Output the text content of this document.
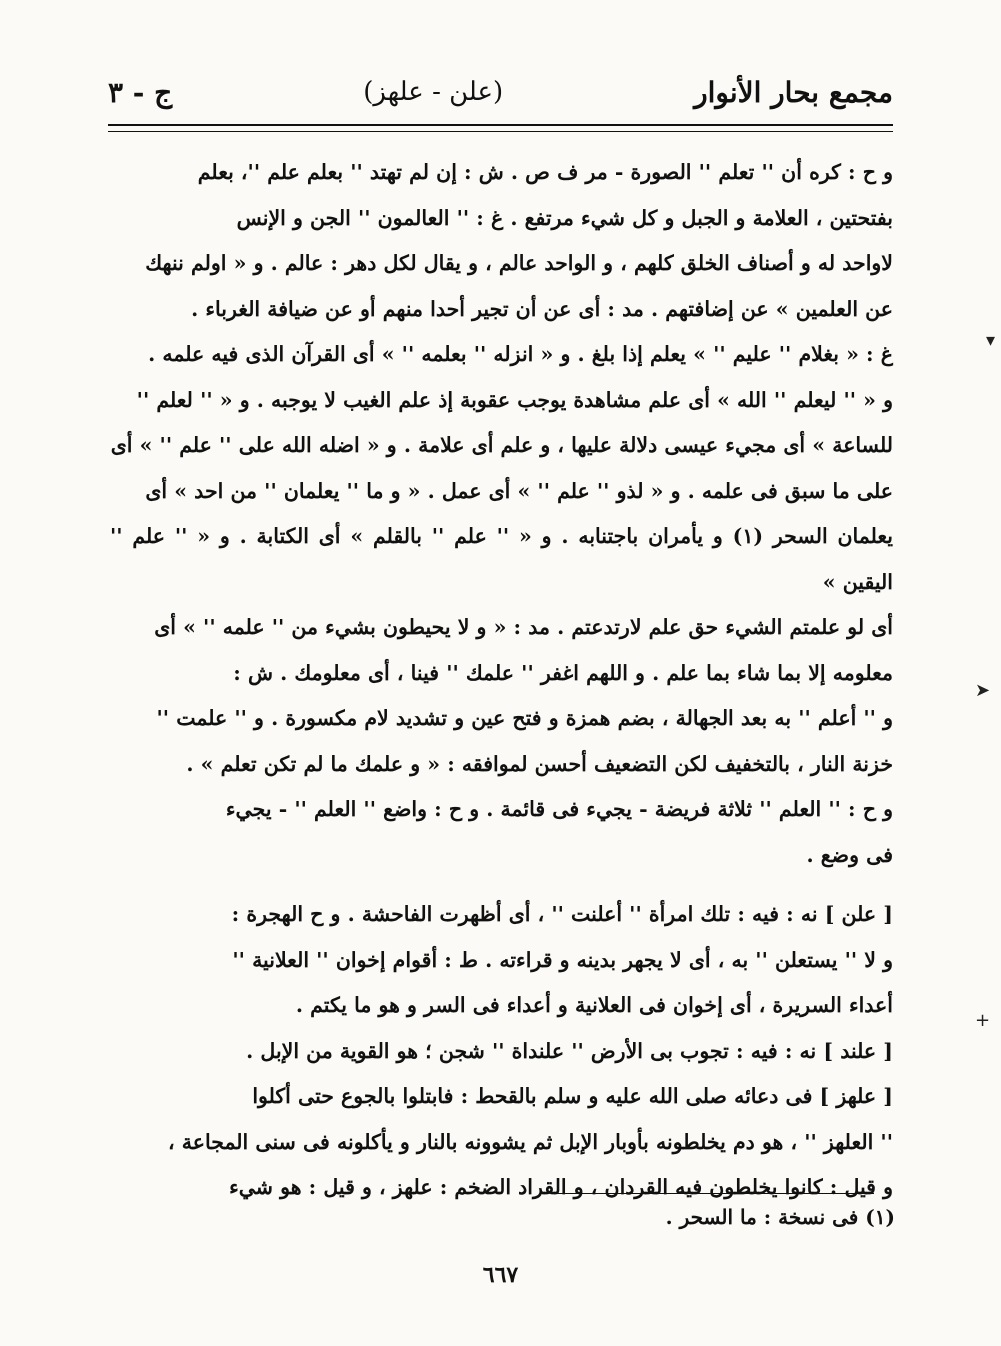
مجمع بحار الأنوار
(علن - علهز)
ج - ٣

و ح : كره أن '' تعلم '' الصورة - مر ف ص . ش : إن لم تهتد '' بعلم علم ''، بعلم

بفتحتين ، العلامة و الجبل و كل شيء مرتفع . غ : '' العالمون '' الجن و الإنس

لاواحد له و أصناف الخلق كلهم ، و الواحد عالم ، و يقال لكل دهر : عالم . و « اولم ننهك

عن العلمين » عن إضافتهم . مد : أى عن أن تجير أحدا منهم أو عن ضيافة الغرباء .

غ : « بغلام '' عليم '' » يعلم إذا بلغ . و « انزله '' بعلمه '' » أى القرآن الذى فيه علمه .

و « '' ليعلم '' الله » أى علم مشاهدة يوجب عقوبة إذ علم الغيب لا يوجبه . و « '' لعلم ''

للساعة » أى مجيء عيسى دلالة عليها ، و علم أى علامة . و « اضله الله على '' علم '' » أى

على ما سبق فى علمه . و « لذو '' علم '' » أى عمل . « و ما '' يعلمان '' من احد » أى

يعلمان السحر (١) و يأمران باجتنابه . و « '' علم '' بالقلم » أى الكتابة . و « '' علم '' اليقين »

أى لو علمتم الشيء حق علم لارتدعتم . مد : « و لا يحيطون بشيء من '' علمه '' » أى

معلومه إلا بما شاء بما علم . و اللهم اغفر '' علمك '' فينا ، أى معلومك . ش :

و '' أعلم '' به بعد الجهالة ، بضم همزة و فتح عين و تشديد لام مكسورة . و '' علمت ''

خزنة النار ، بالتخفيف لكن التضعيف أحسن لموافقه : « و علمك ما لم تكن تعلم » .

و ح : '' العلم '' ثلاثة فريضة - يجيء فى قائمة . و ح : واضع '' العلم '' - يجيء

فى وضع .

[ علن ] نه : فيه : تلك امرأة '' أعلنت '' ، أى أظهرت الفاحشة . و ح الهجرة :

و لا '' يستعلن '' به ، أى لا يجهر بدينه و قراءته . ط : أقوام إخوان '' العلانية ''

أعداء السريرة ، أى إخوان فى العلانية و أعداء فى السر و هو ما يكتم .

[ علند ] نه : فيه : تجوب بى الأرض '' علنداة '' شجن ؛ هو القوية من الإبل .

[ علهز ] فى دعائه صلى الله عليه و سلم بالقحط : فابتلوا بالجوع حتى أكلوا

'' العلهز '' ، هو دم يخلطونه بأوبار الإبل ثم يشوونه بالنار و يأكلونه فى سنى المجاعة ،

و قيل : كانوا يخلطون فيه القردان ، و القراد الضخم : علهز ، و قيل : هو شيء

(١) فى نسخة : ما السحر .
٦٦٧
▾
➤
+
